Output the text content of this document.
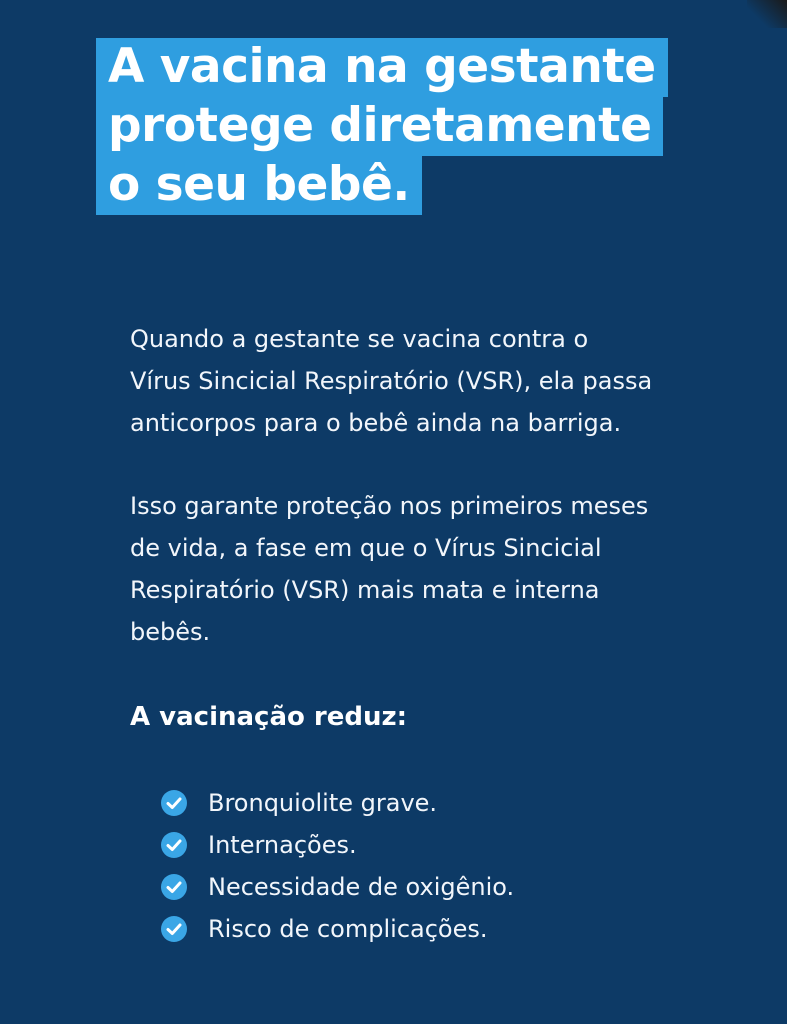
A vacina na gestante
protege diretamente
o seu bebê.
Quando a gestante se vacina contra o
Vírus Sincicial Respiratório (VSR), ela passa
anticorpos para o bebê ainda na barriga.
Isso garante proteção nos primeiros meses
de vida, a fase em que o Vírus Sincicial
Respiratório (VSR) mais mata e interna
bebês.
A vacinação reduz:
Bronquiolite grave.
Internações.
Necessidade de oxigênio.
Risco de complicações.
